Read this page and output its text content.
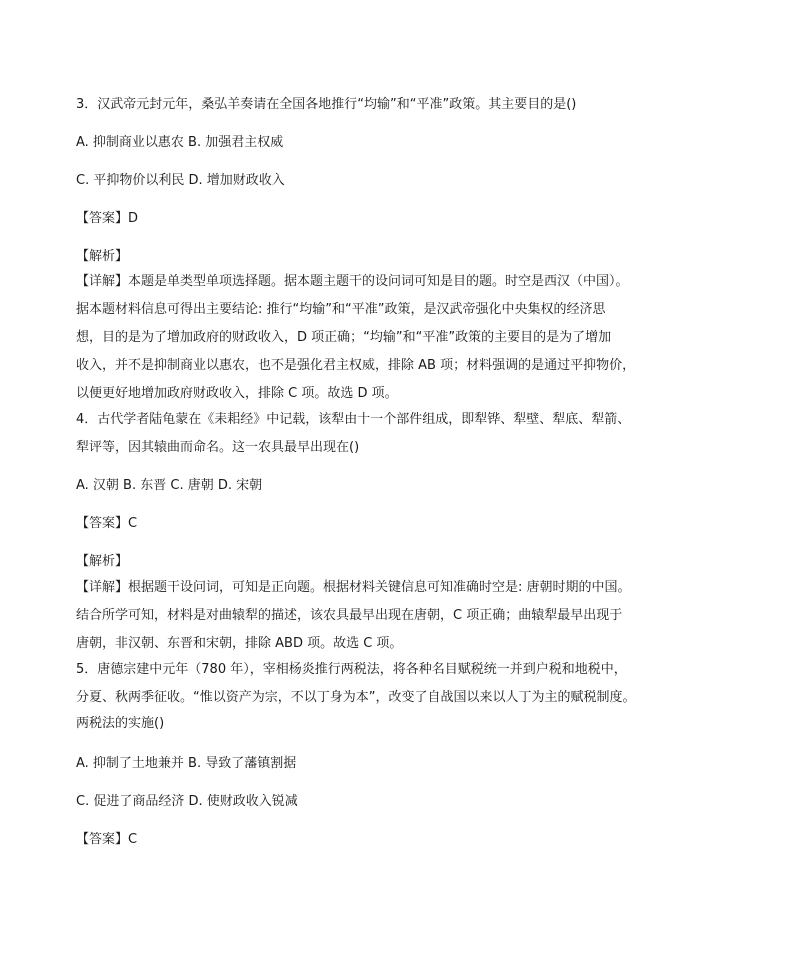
3．汉武帝元封元年，桑弘羊奏请在全国各地推行“均输”和“平准”政策。其主要目的是()
A. 抑制商业以惠农 B. 加强君主权威
C. 平抑物价以利民 D. 增加财政收入
【答案】D
【解析】
【详解】本题是单类型单项选择题。据本题主题干的设问词可知是目的题。时空是西汉（中国）。
据本题材料信息可得出主要结论: 推行“均输”和“平准”政策，是汉武帝强化中央集权的经济思
想，目的是为了增加政府的财政收入，D 项正确；“均输”和“平准”政策的主要目的是为了增加
收入，并不是抑制商业以惠农，也不是强化君主权威，排除 AB 项；材料强调的是通过平抑物价，
以便更好地增加政府财政收入，排除 C 项。故选 D 项。
4．古代学者陆龟蒙在《耒耜经》中记载，该犁由十一个部件组成，即犁铧、犁壁、犁底、犁箭、
犁评等，因其辕曲而命名。这一农具最早出现在()
A. 汉朝 B. 东晋 C. 唐朝 D. 宋朝
【答案】C
【解析】
【详解】根据题干设问词，可知是正向题。根据材料关键信息可知准确时空是: 唐朝时期的中国。
结合所学可知，材料是对曲辕犁的描述，该农具最早出现在唐朝，C 项正确；曲辕犁最早出现于
唐朝，非汉朝、东晋和宋朝，排除 ABD 项。故选 C 项。
5．唐德宗建中元年（780 年），宰相杨炎推行两税法，将各种名目赋税统一并到户税和地税中，
分夏、秋两季征收。“惟以资产为宗，不以丁身为本”，改变了自战国以来以人丁为主的赋税制度。
两税法的实施()
A. 抑制了土地兼并 B. 导致了藩镇割据
C. 促进了商品经济 D. 使财政收入锐减
【答案】C
